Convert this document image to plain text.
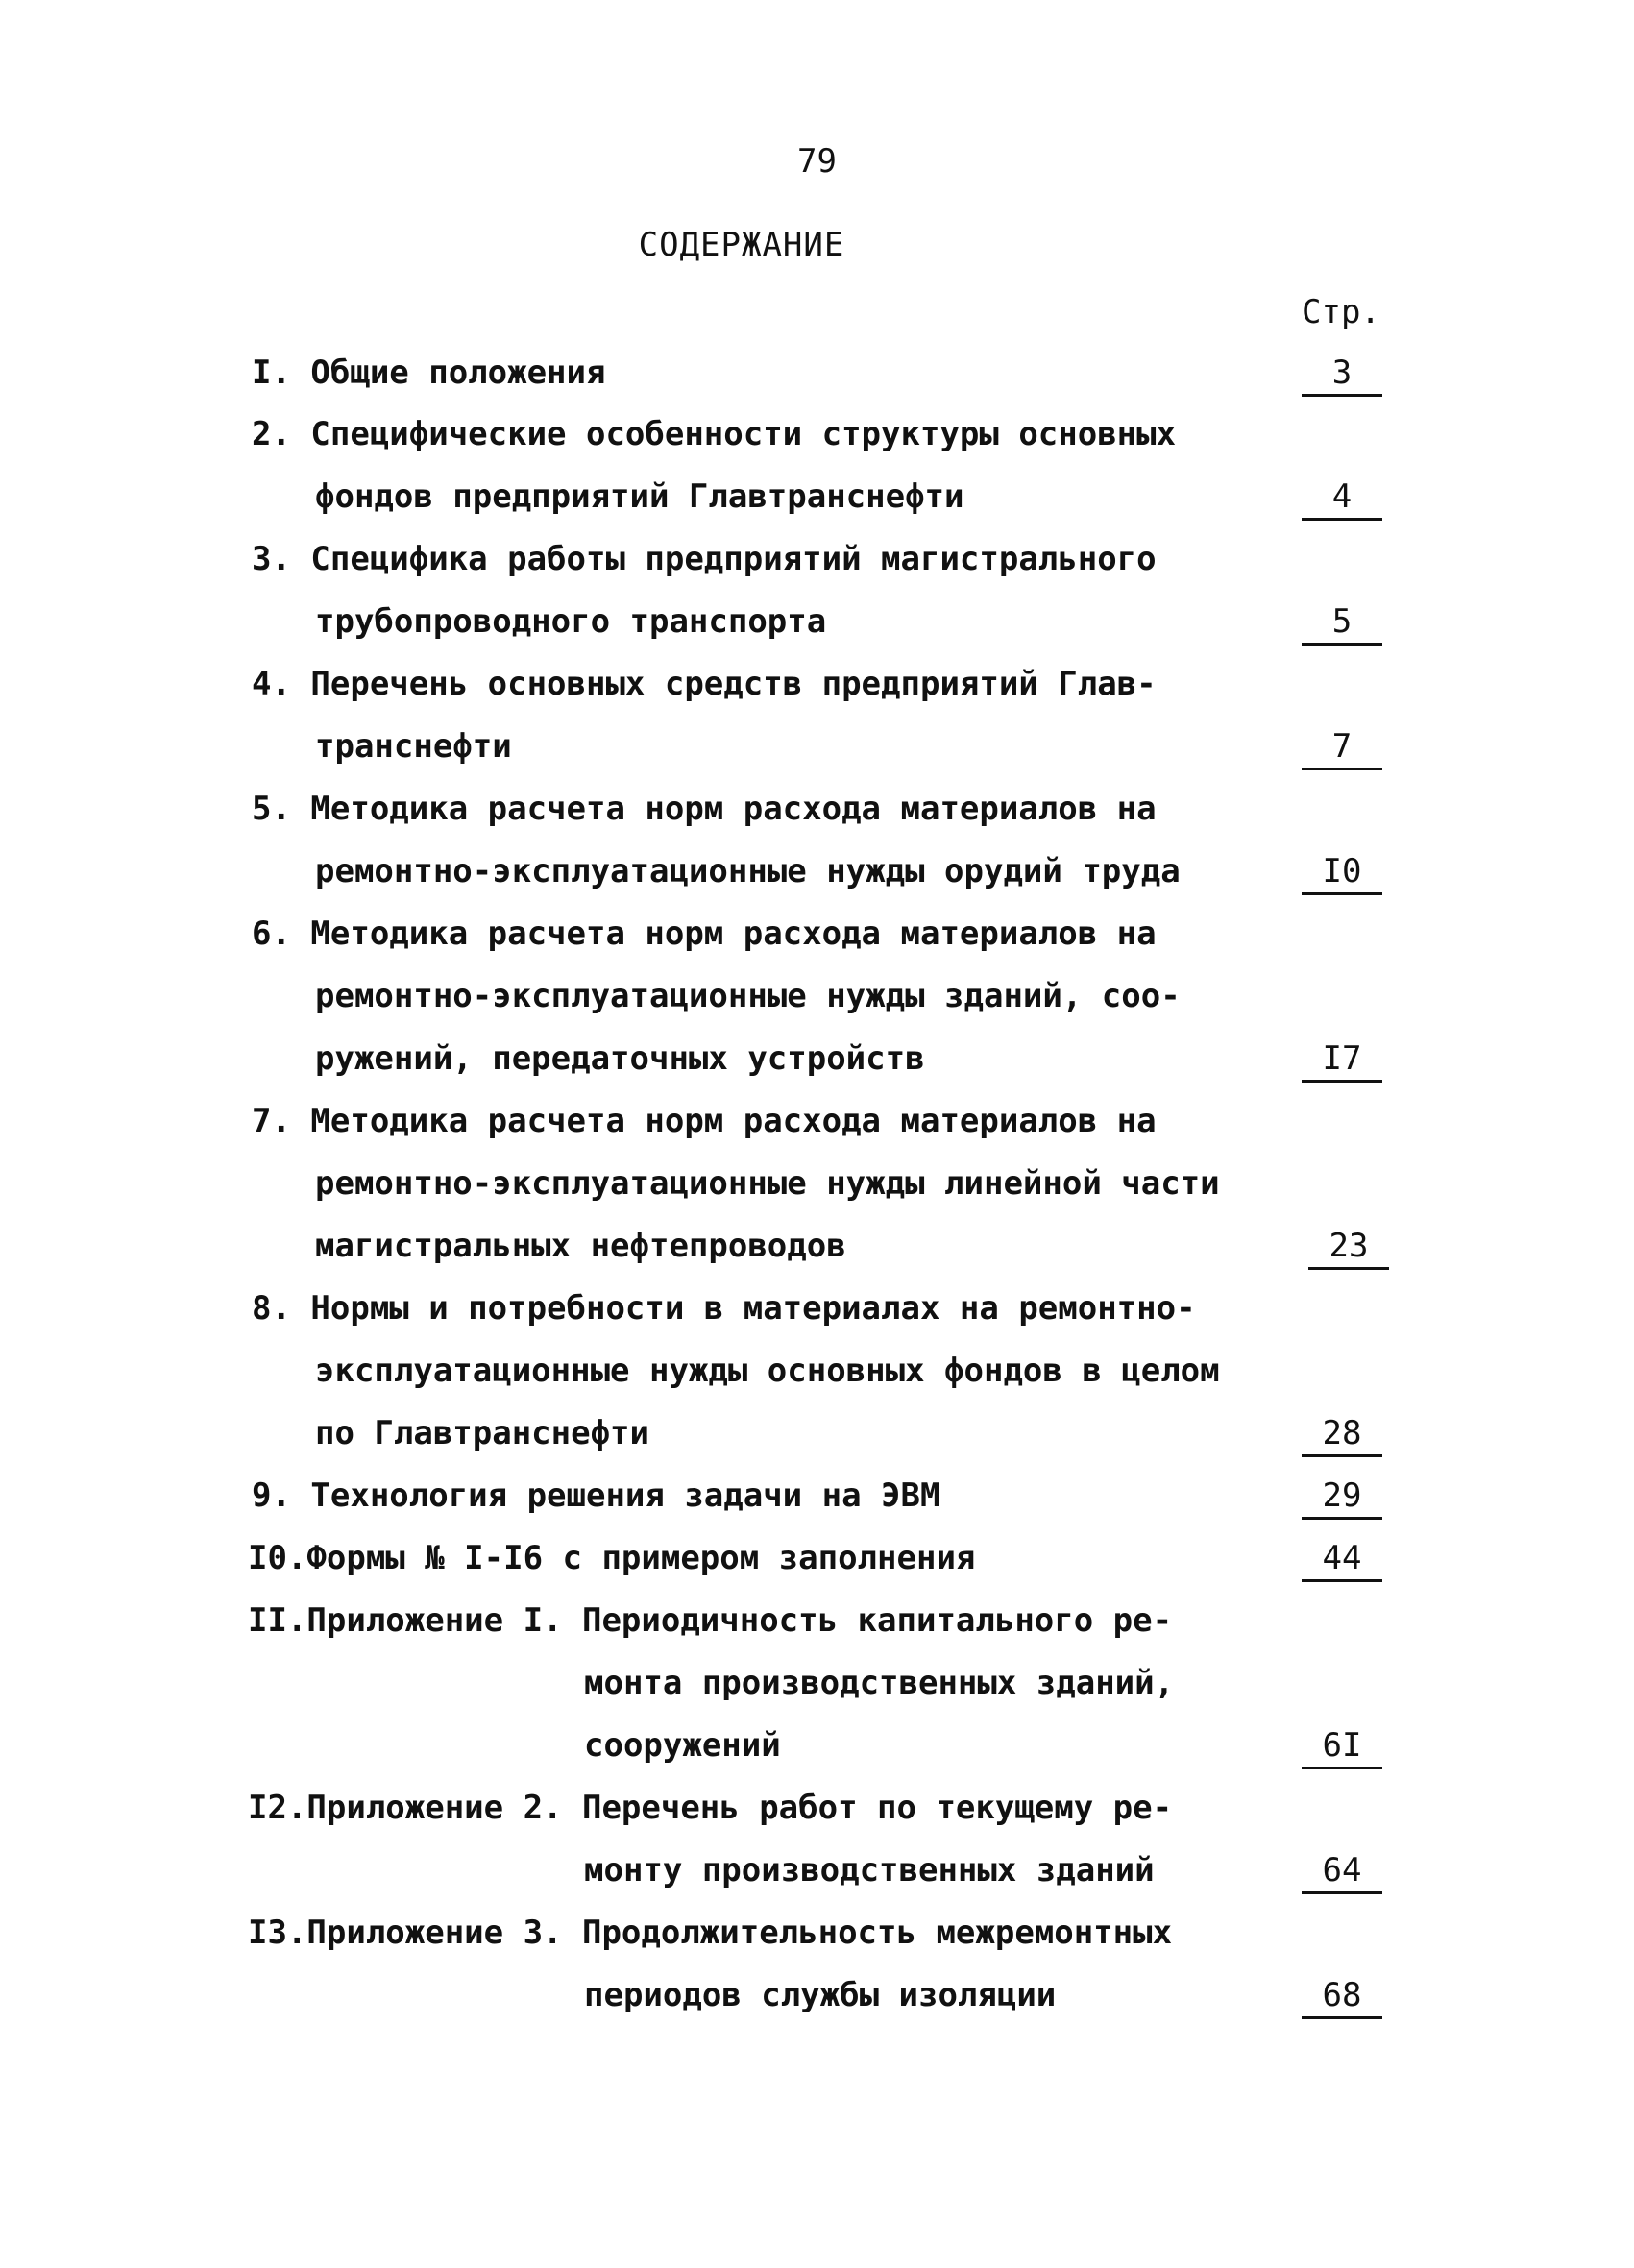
79
СОДЕРЖАНИЕ
Стр.
I. Общие положения	3
2. Специфические особенности структуры основных
фондов предприятий Главтранснефти	4
3. Специфика работы предприятий магистрального
трубопроводного транспорта	5
4. Перечень основных средств предприятий Глав-
транснефти	7
5. Методика расчета норм расхода материалов на
ремонтно-эксплуатационные нужды орудий труда	I0
6. Методика расчета норм расхода материалов на
ремонтно-эксплуатационные нужды зданий, соо-
ружений, передаточных устройств	I7
7. Методика расчета норм расхода материалов на
ремонтно-эксплуатационные нужды линейной части
магистральных нефтепроводов	23
8. Нормы и потребности в материалах на ремонтно-
эксплуатационные нужды основных фондов в целом
по Главтранснефти	28
9. Технология решения задачи на ЭВМ	29
I0.Формы № I-I6 с примером заполнения	44
II.Приложение I. Периодичность капитального ре-
монта производственных зданий,
сооружений	6I
I2.Приложение 2. Перечень работ по текущему ре-
монту производственных зданий	64
I3.Приложение 3. Продолжительность межремонтных
периодов службы изоляции	68
